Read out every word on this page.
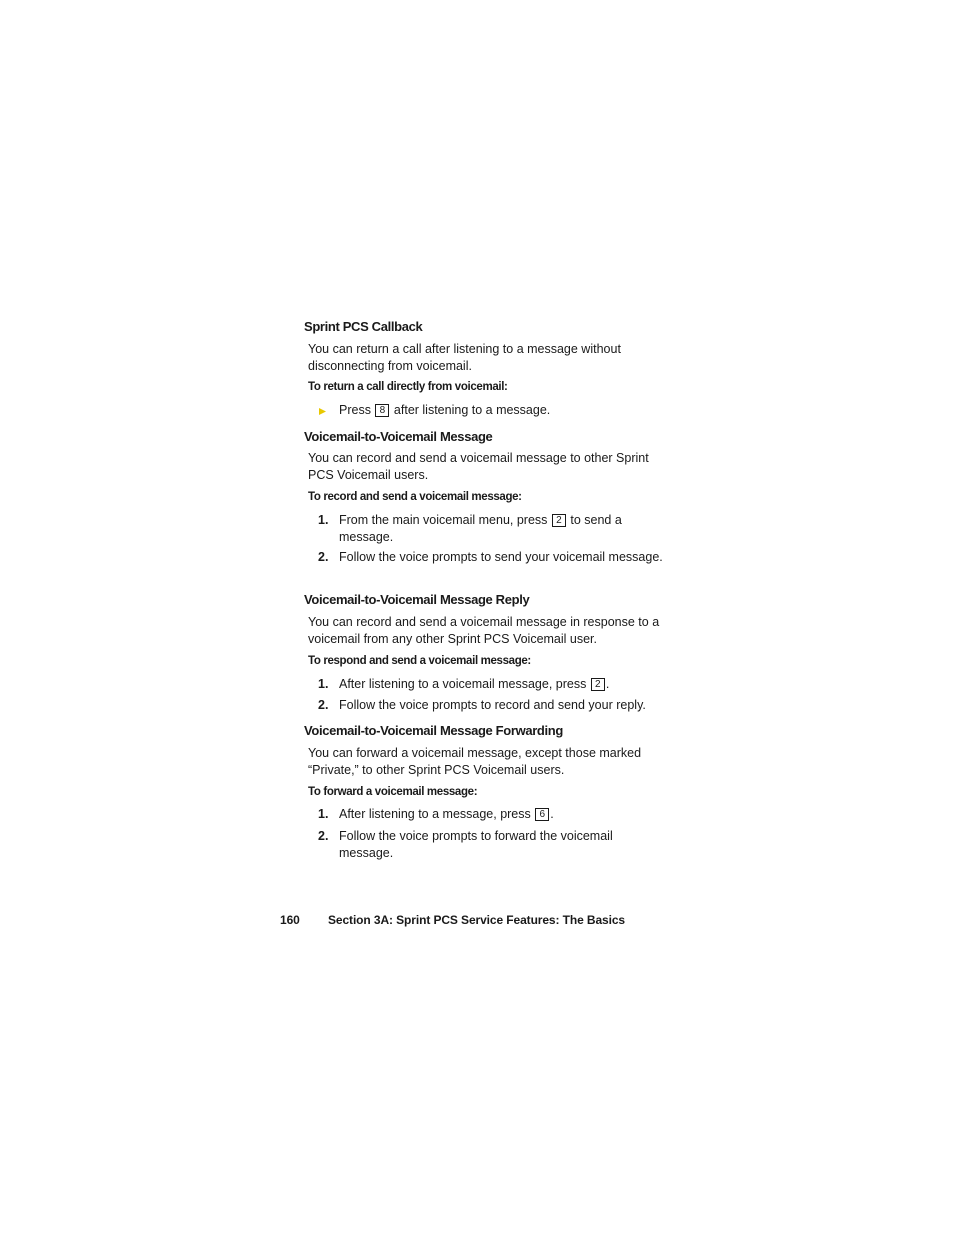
Sprint PCS Callback

You can return a call after listening to a message without disconnecting from voicemail.

To return a call directly from voicemail:

Press 8 after listening to a message.
Voicemail-to-Voicemail Message

You can record and send a voicemail message to other Sprint PCS Voicemail users.

To record and send a voicemail message:

1. From the main voicemail menu, press 2 to send a message.
2. Follow the voice prompts to send your voicemail message.
Voicemail-to-Voicemail Message Reply

You can record and send a voicemail message in response to a voicemail from any other Sprint PCS Voicemail user.

To respond and send a voicemail message:

1. After listening to a voicemail message, press 2 .
2. Follow the voice prompts to record and send your reply.
Voicemail-to-Voicemail Message Forwarding

You can forward a voicemail message, except those marked “Private,” to other Sprint PCS Voicemail users.

To forward a voicemail message:

1. After listening to a message, press 6 .
2. Follow the voice prompts to forward the voicemail message.
160 Section 3A: Sprint PCS Service Features: The Basics
